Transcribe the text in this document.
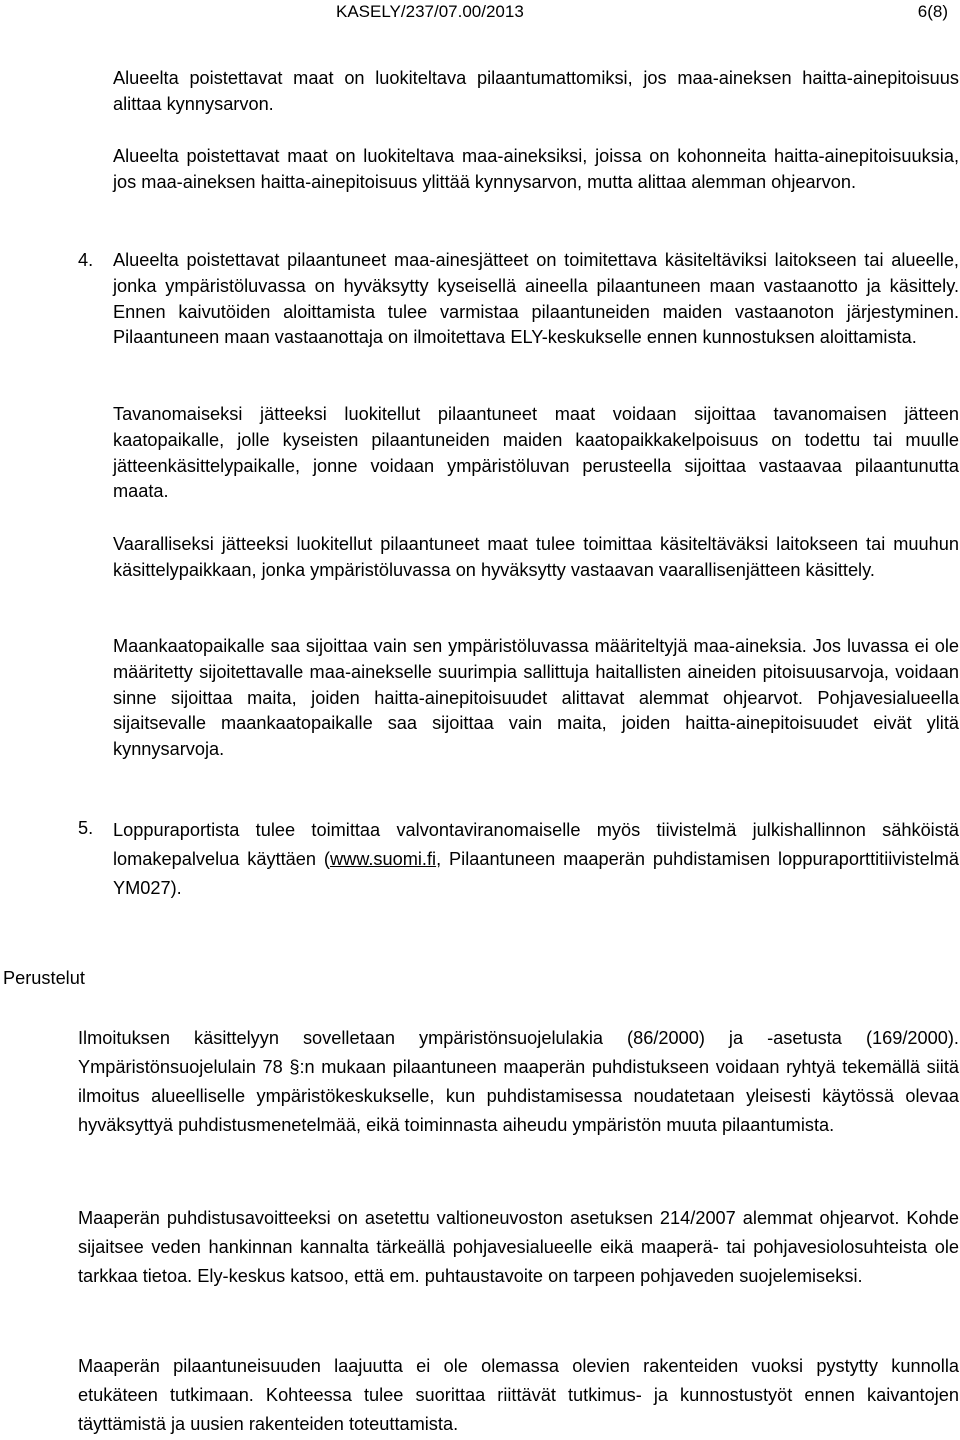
KASELY/237/07.00/2013	6(8)

Alueelta poistettavat maat on luokiteltava pilaantumattomiksi, jos maa-aineksen haitta-ainepitoisuus alittaa kynnysarvon.

Alueelta poistettavat maat on luokiteltava maa-aineksiksi, joissa on kohonneita haitta-ainepitoisuuksia, jos maa-aineksen haitta-ainepitoisuus ylittää kynnysarvon, mutta alittaa alemman ohjearvon.

4. Alueelta poistettavat pilaantuneet maa-ainesjätteet on toimitettava käsiteltäviksi laitokseen tai alueelle, jonka ympäristöluvassa on hyväksytty kyseisellä aineella pilaantuneen maan vastaanotto ja käsittely. Ennen kaivutöiden aloittamista tulee varmistaa pilaantuneiden maiden vastaanoton järjestyminen. Pilaantuneen maan vastaanottaja on ilmoitettava ELY-keskukselle ennen kunnostuksen aloittamista.

Tavanomaiseksi jätteeksi luokitellut pilaantuneet maat voidaan sijoittaa tavanomaisen jätteen kaatopaikalle, jolle kyseisten pilaantuneiden maiden kaatopaikkakelpoisuus on todettu tai muulle jätteenkäsittelypaikalle, jonne voidaan ympäristöluvan perusteella sijoittaa vastaavaa pilaantunutta maata.

Vaaralliseksi jätteeksi luokitellut pilaantuneet maat tulee toimittaa käsiteltäväksi laitokseen tai muuhun käsittelypaikkaan, jonka ympäristöluvassa on hyväksytty vastaavan vaarallisenjätteen käsittely.

Maankaatopaikalle saa sijoittaa vain sen ympäristöluvassa määriteltyjä maa-aineksia. Jos luvassa ei ole määritetty sijoitettavalle maa-ainekselle suurimpia sallittuja haitallisten aineiden pitoisuusarvoja, voidaan sinne sijoittaa maita, joiden haitta-ainepitoisuudet alittavat alemmat ohjearvot. Pohjavesialueella sijaitsevalle maankaatopaikalle saa sijoittaa vain maita, joiden haitta-ainepitoisuudet eivät ylitä kynnysarvoja.

5. Loppuraportista tulee toimittaa valvontaviranomaiselle myös tiivistelmä julkishallinnon sähköistä lomakepalvelua käyttäen (www.suomi.fi, Pilaantuneen maaperän puhdistamisen loppuraporttitiivistelmä YM027).

Perustelut

Ilmoituksen käsittelyyn sovelletaan ympäristönsuojelulakia (86/2000) ja -asetusta (169/2000). Ympäristönsuojelulain 78 §:n mukaan pilaantuneen maaperän puhdistukseen voidaan ryhtyä tekemällä siitä ilmoitus alueelliselle ympäristökeskukselle, kun puhdistamisessa noudatetaan yleisesti käytössä olevaa hyväksyttyä puhdistusmenetelmää, eikä toiminnasta aiheudu ympäristön muuta pilaantumista.

Maaperän puhdistusavoitteeksi on asetettu valtioneuvoston asetuksen 214/2007 alemmat ohjearvot. Kohde sijaitsee veden hankinnan kannalta tärkeällä pohjavesialueelle eikä maaperä- tai pohjavesiolosuhteista ole tarkkaa tietoa. Ely-keskus katsoo, että em. puhtaustavoite on tarpeen pohjaveden suojelemiseksi.

Maaperän pilaantuneisuuden laajuutta ei ole olemassa olevien rakenteiden vuoksi pystytty kunnolla etukäteen tutkimaan. Kohteessa tulee suorittaa riittävät tutkimus- ja kunnostustyöt ennen kaivantojen täyttämistä ja uusien rakenteiden toteuttamista.
